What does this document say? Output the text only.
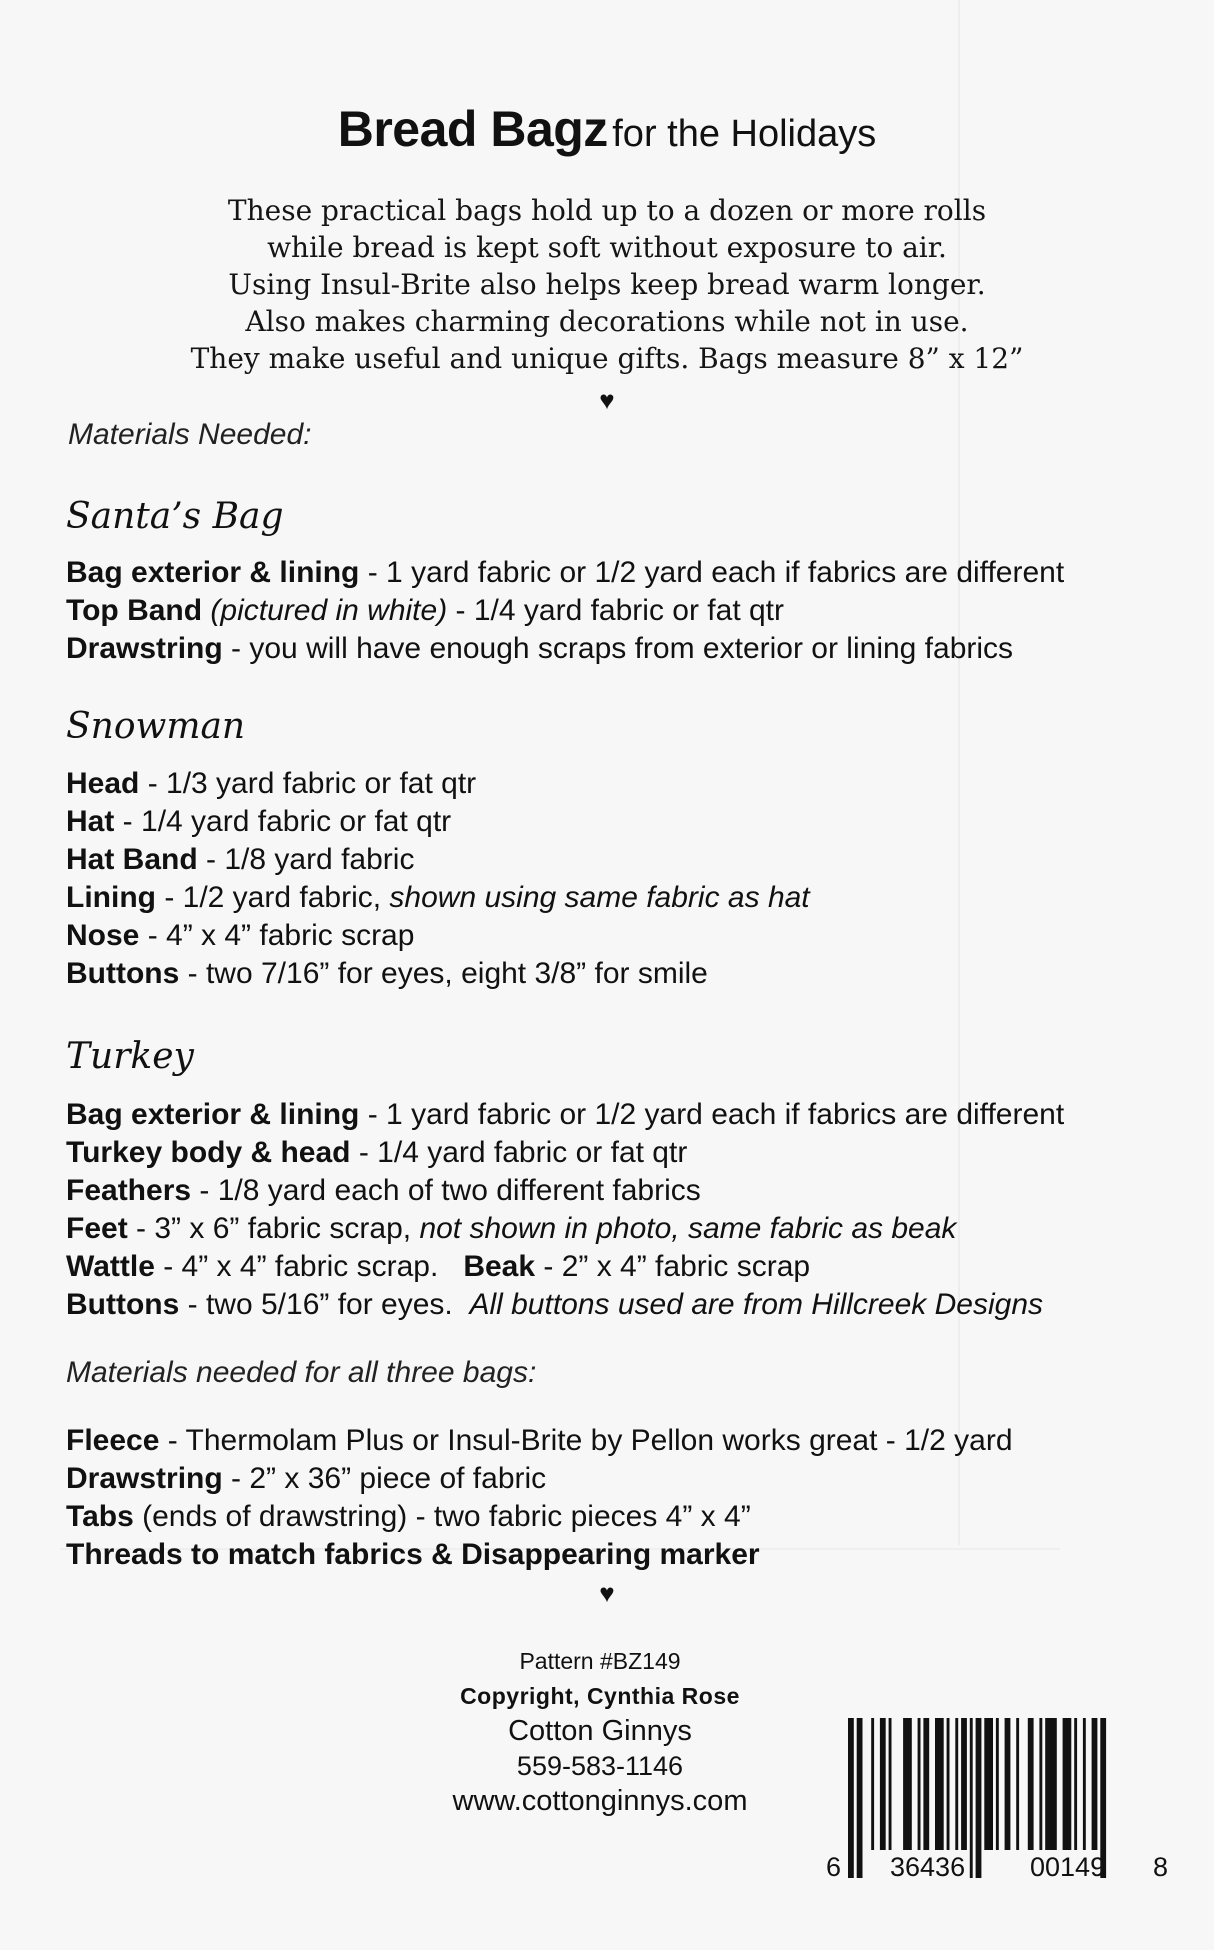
Bread Bagz for the Holidays
These practical bags hold up to a dozen or more rolls
while bread is kept soft without exposure to air.
Using Insul-Brite also helps keep bread warm longer.
Also makes charming decorations while not in use.
They make useful and unique gifts. Bags measure 8” x 12”
♥
Materials Needed:
Santa’s Bag
Bag exterior & lining - 1 yard fabric or 1/2 yard each if fabrics are different
Top Band (pictured in white) - 1/4 yard fabric or fat qtr
Drawstring - you will have enough scraps from exterior or lining fabrics
Snowman
Head - 1/3 yard fabric or fat qtr
Hat - 1/4 yard fabric or fat qtr
Hat Band - 1/8 yard fabric
Lining - 1/2 yard fabric, shown using same fabric as hat
Nose - 4” x 4” fabric scrap
Buttons - two 7/16” for eyes, eight 3/8” for smile
Turkey
Bag exterior & lining - 1 yard fabric or 1/2 yard each if fabrics are different
Turkey body & head - 1/4 yard fabric or fat qtr
Feathers - 1/8 yard each of two different fabrics
Feet - 3” x 6” fabric scrap, not shown in photo, same fabric as beak
Wattle - 4” x 4” fabric scrap.   Beak - 2” x 4” fabric scrap
Buttons - two 5/16” for eyes.  All buttons used are from Hillcreek Designs
Materials needed for all three bags:
Fleece - Thermolam Plus or Insul-Brite by Pellon works great - 1/2 yard
Drawstring - 2” x 36” piece of fabric
Tabs (ends of drawstring) - two fabric pieces 4” x 4”
Threads to match fabrics & Disappearing marker
♥
Pattern #BZ149
Copyright, Cynthia Rose
Cotton Ginnys
559-583-1146
www.cottonginnys.com
6 36436 00149 8
